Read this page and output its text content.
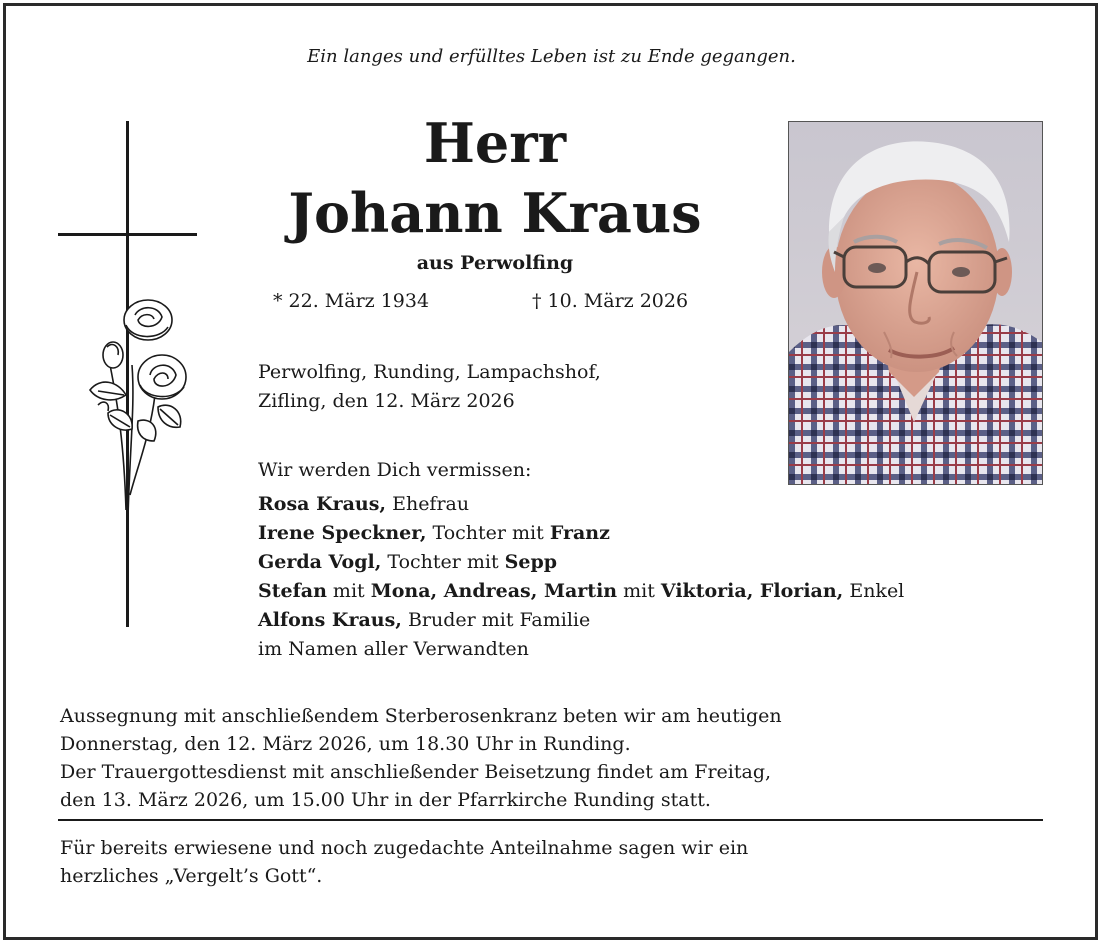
Ein langes und erfülltes Leben ist zu Ende gegangen.
Herr
Johann Kraus
aus Perwolfing
* 22. März 1934	† 10. März 2026
Perwolfing, Runding, Lampachshof,
Zifling, den 12. März 2026
Wir werden Dich vermissen:
Rosa Kraus, Ehefrau
Irene Speckner, Tochter mit Franz
Gerda Vogl, Tochter mit Sepp
Stefan mit Mona, Andreas, Martin mit Viktoria, Florian, Enkel
Alfons Kraus, Bruder mit Familie
im Namen aller Verwandten
Aussegnung mit anschließendem Sterberosenkranz beten wir am heutigen
Donnerstag, den 12. März 2026, um 18.30 Uhr in Runding.
Der Trauergottesdienst mit anschließender Beisetzung findet am Freitag,
den 13. März 2026, um 15.00 Uhr in der Pfarrkirche Runding statt.
Für bereits erwiesene und noch zugedachte Anteilnahme sagen wir ein
herzliches „Vergelt’s Gott“.
